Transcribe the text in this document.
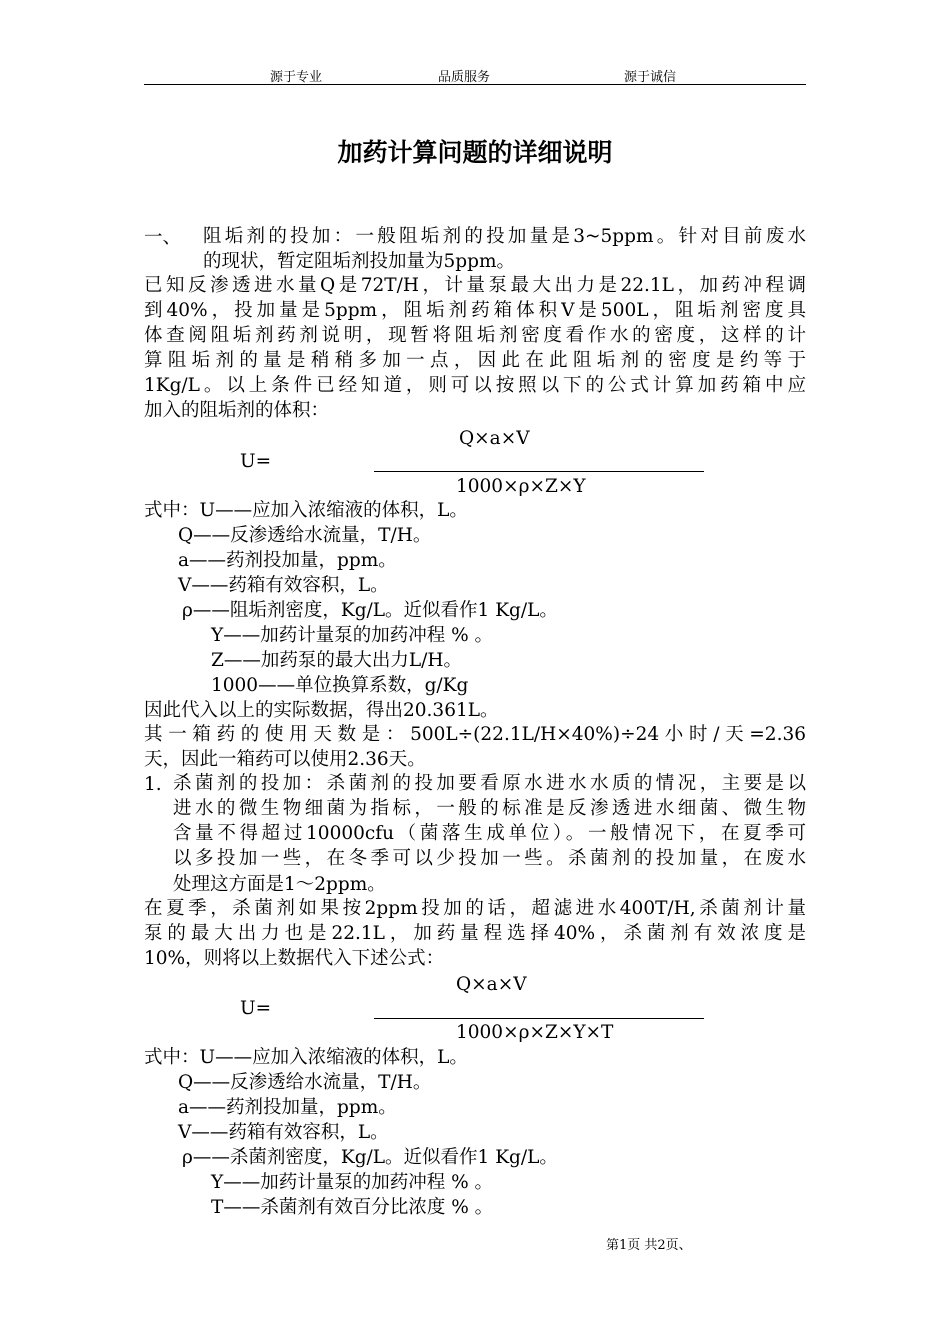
源于专业	品质服务	源于诚信
加药计算问题的详细说明
一、 阻垢剂的投加：一般阻垢剂的投加量是3~5ppm。针对目前废水
的现状，暂定阻垢剂投加量为5ppm。
已知反渗透进水量Q是72T/H，计量泵最大出力是22.1L，加药冲程调
到40%，投加量是5ppm，阻垢剂药箱体积V是500L，阻垢剂密度具
体查阅阻垢剂药剂说明，现暂将阻垢剂密度看作水的密度，这样的计
算阻垢剂的量是稍稍多加一点，因此在此阻垢剂的密度是约等于
1Kg/L。以上条件已经知道，则可以按照以下的公式计算加药箱中应
加入的阻垢剂的体积：
Q×a×V
U=
1000×ρ×Z×Y
式中：U——应加入浓缩液的体积，L。
Q——反渗透给水流量，T/H。
a——药剂投加量，ppm。
V——药箱有效容积，L。
ρ——阻垢剂密度，Kg/L。近似看作1 Kg/L。
Y——加药计量泵的加药冲程 % 。
Z——加药泵的最大出力L/H。
1000——单位换算系数，g/Kg
因此代入以上的实际数据，得出20.361L。
其一箱药的使用天数是：500L÷(22.1L/H×40%)÷24小时/天=2.36
天，因此一箱药可以使用2.36天。
1. 杀菌剂的投加：杀菌剂的投加要看原水进水水质的情况，主要是以
进水的微生物细菌为指标，一般的标准是反渗透进水细菌、微生物
含量不得超过10000cfu（菌落生成单位）。一般情况下，在夏季可
以多投加一些，在冬季可以少投加一些。杀菌剂的投加量，在废水
处理这方面是1～2ppm。
在夏季，杀菌剂如果按2ppm投加的话，超滤进水400T/H,杀菌剂计量
泵的最大出力也是22.1L，加药量程选择40%，杀菌剂有效浓度是
10%，则将以上数据代入下述公式：
Q×a×V
U=
1000×ρ×Z×Y×T
式中：U——应加入浓缩液的体积，L。
Q——反渗透给水流量，T/H。
a——药剂投加量，ppm。
V——药箱有效容积，L。
ρ——杀菌剂密度，Kg/L。近似看作1 Kg/L。
Y——加药计量泵的加药冲程 % 。
T——杀菌剂有效百分比浓度 % 。
第1页 共2页、
